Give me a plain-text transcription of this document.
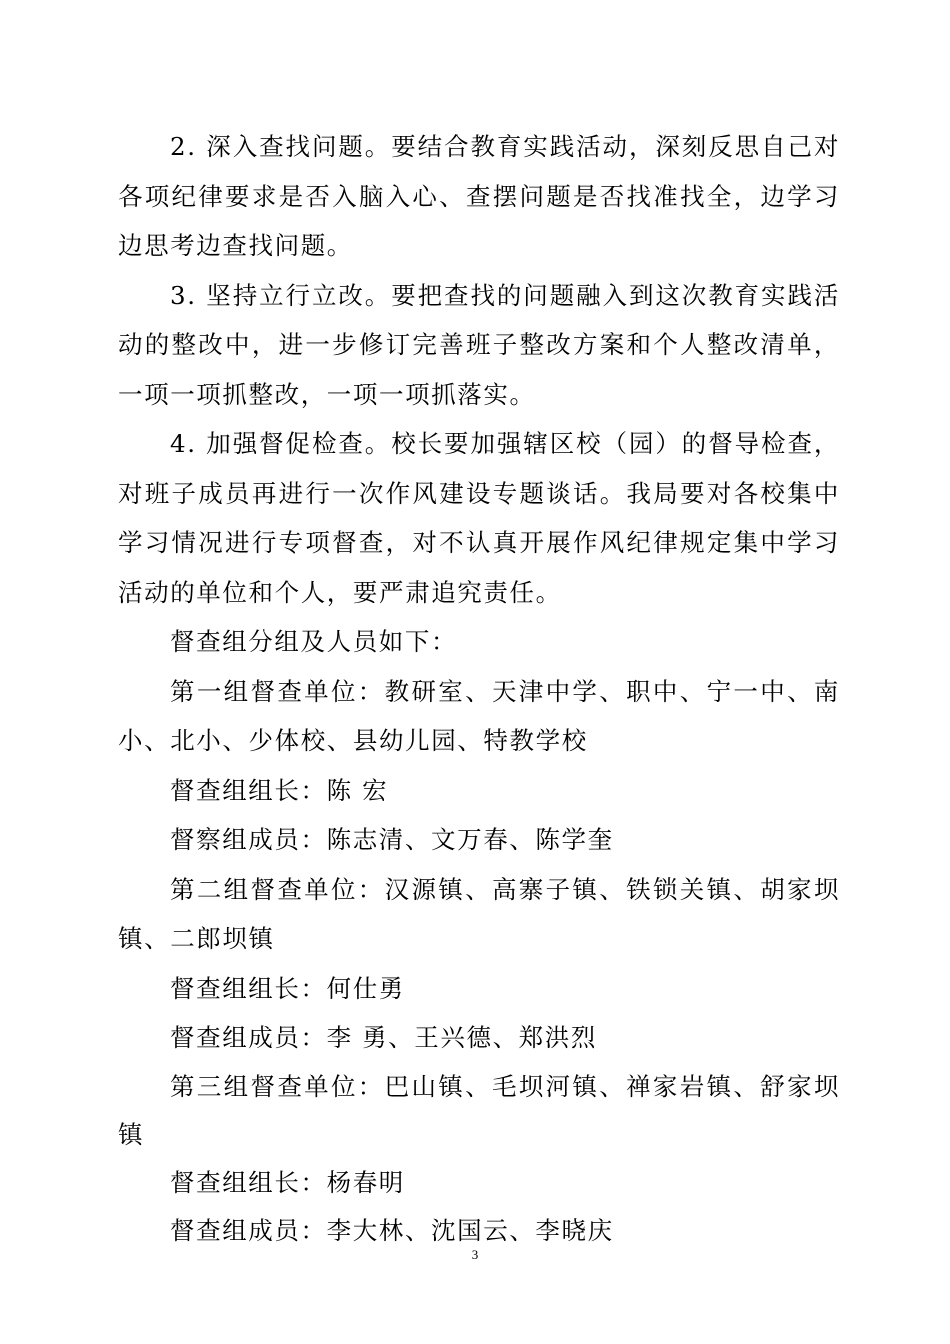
2. 深入查找问题。要结合教育实践活动，深刻反思自己对各项纪律要求是否入脑入心、查摆问题是否找准找全，边学习边思考边查找问题。

3. 坚持立行立改。要把查找的问题融入到这次教育实践活动的整改中，进一步修订完善班子整改方案和个人整改清单，一项一项抓整改，一项一项抓落实。

4. 加强督促检查。校长要加强辖区校（园）的督导检查，对班子成员再进行一次作风建设专题谈话。我局要对各校集中学习情况进行专项督查，对不认真开展作风纪律规定集中学习活动的单位和个人，要严肃追究责任。

督查组分组及人员如下：

第一组督查单位：教研室、天津中学、职中、宁一中、南小、北小、少体校、县幼儿园、特教学校

督查组组长：陈 宏

督察组成员：陈志清、文万春、陈学奎

第二组督查单位：汉源镇、高寨子镇、铁锁关镇、胡家坝镇、二郎坝镇

督查组组长：何仕勇

督查组成员：李 勇、王兴德、郑洪烈

第三组督查单位：巴山镇、毛坝河镇、禅家岩镇、舒家坝镇

督查组组长：杨春明

督查组成员：李大林、沈国云、李晓庆

3
